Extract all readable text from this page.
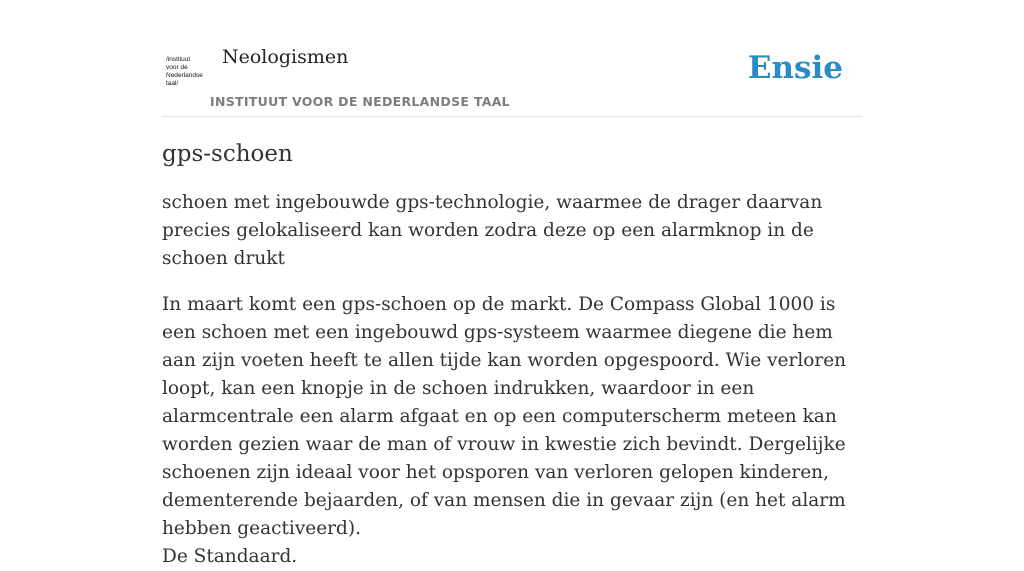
/instituut
voor de
Nederlandse
taal/
Neologismen
INSTITUUT VOOR DE NEDERLANDSE TAAL
Ensie
gps-schoen

schoen met ingebouwde gps-technologie, waarmee de drager daarvan precies gelokaliseerd kan worden zodra deze op een alarmknop in de schoen drukt

In maart komt een gps-schoen op de markt. De Compass Global 1000 is een schoen met een ingebouwd gps-systeem waarmee diegene die hem aan zijn voeten heeft te allen tijde kan worden opgespoord. Wie verloren loopt, kan een knopje in de schoen indrukken, waardoor in een alarmcentrale een alarm afgaat en op een computerscherm meteen kan worden gezien waar de man of vrouw in kwestie zich bevindt. Dergelijke schoenen zijn ideaal voor het opsporen van verloren gelopen kinderen, dementerende bejaarden, of van mensen die in gevaar zijn (en het alarm hebben geactiveerd).

De Standaard.
